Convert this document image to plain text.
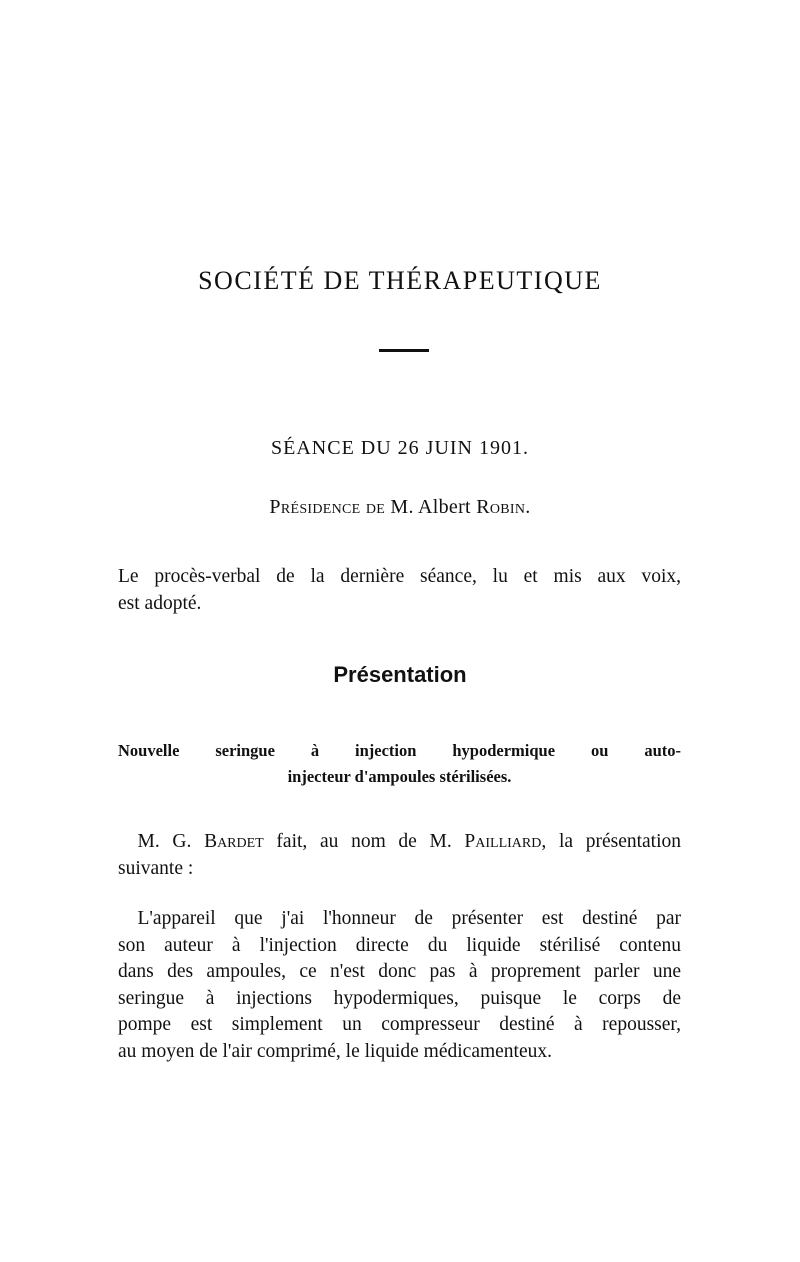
SOCIÉTÉ DE THÉRAPEUTIQUE
SÉANCE DU 26 JUIN 1901.
Présidence de M. Albert Robin.
Le procès-verbal de la dernière séance, lu et mis aux voix,
est adopté.
Présentation
Nouvelle seringue à injection hypodermique ou auto-
injecteur d'ampoules stérilisées.
 M. G. Bardet fait, au nom de M. Pailliard, la présentation
suivante :
 L'appareil que j'ai l'honneur de présenter est destiné par
son auteur à l'injection directe du liquide stérilisé contenu
dans des ampoules, ce n'est donc pas à proprement parler une
seringue à injections hypodermiques, puisque le corps de
pompe est simplement un compresseur destiné à repousser,
au moyen de l'air comprimé, le liquide médicamenteux.
